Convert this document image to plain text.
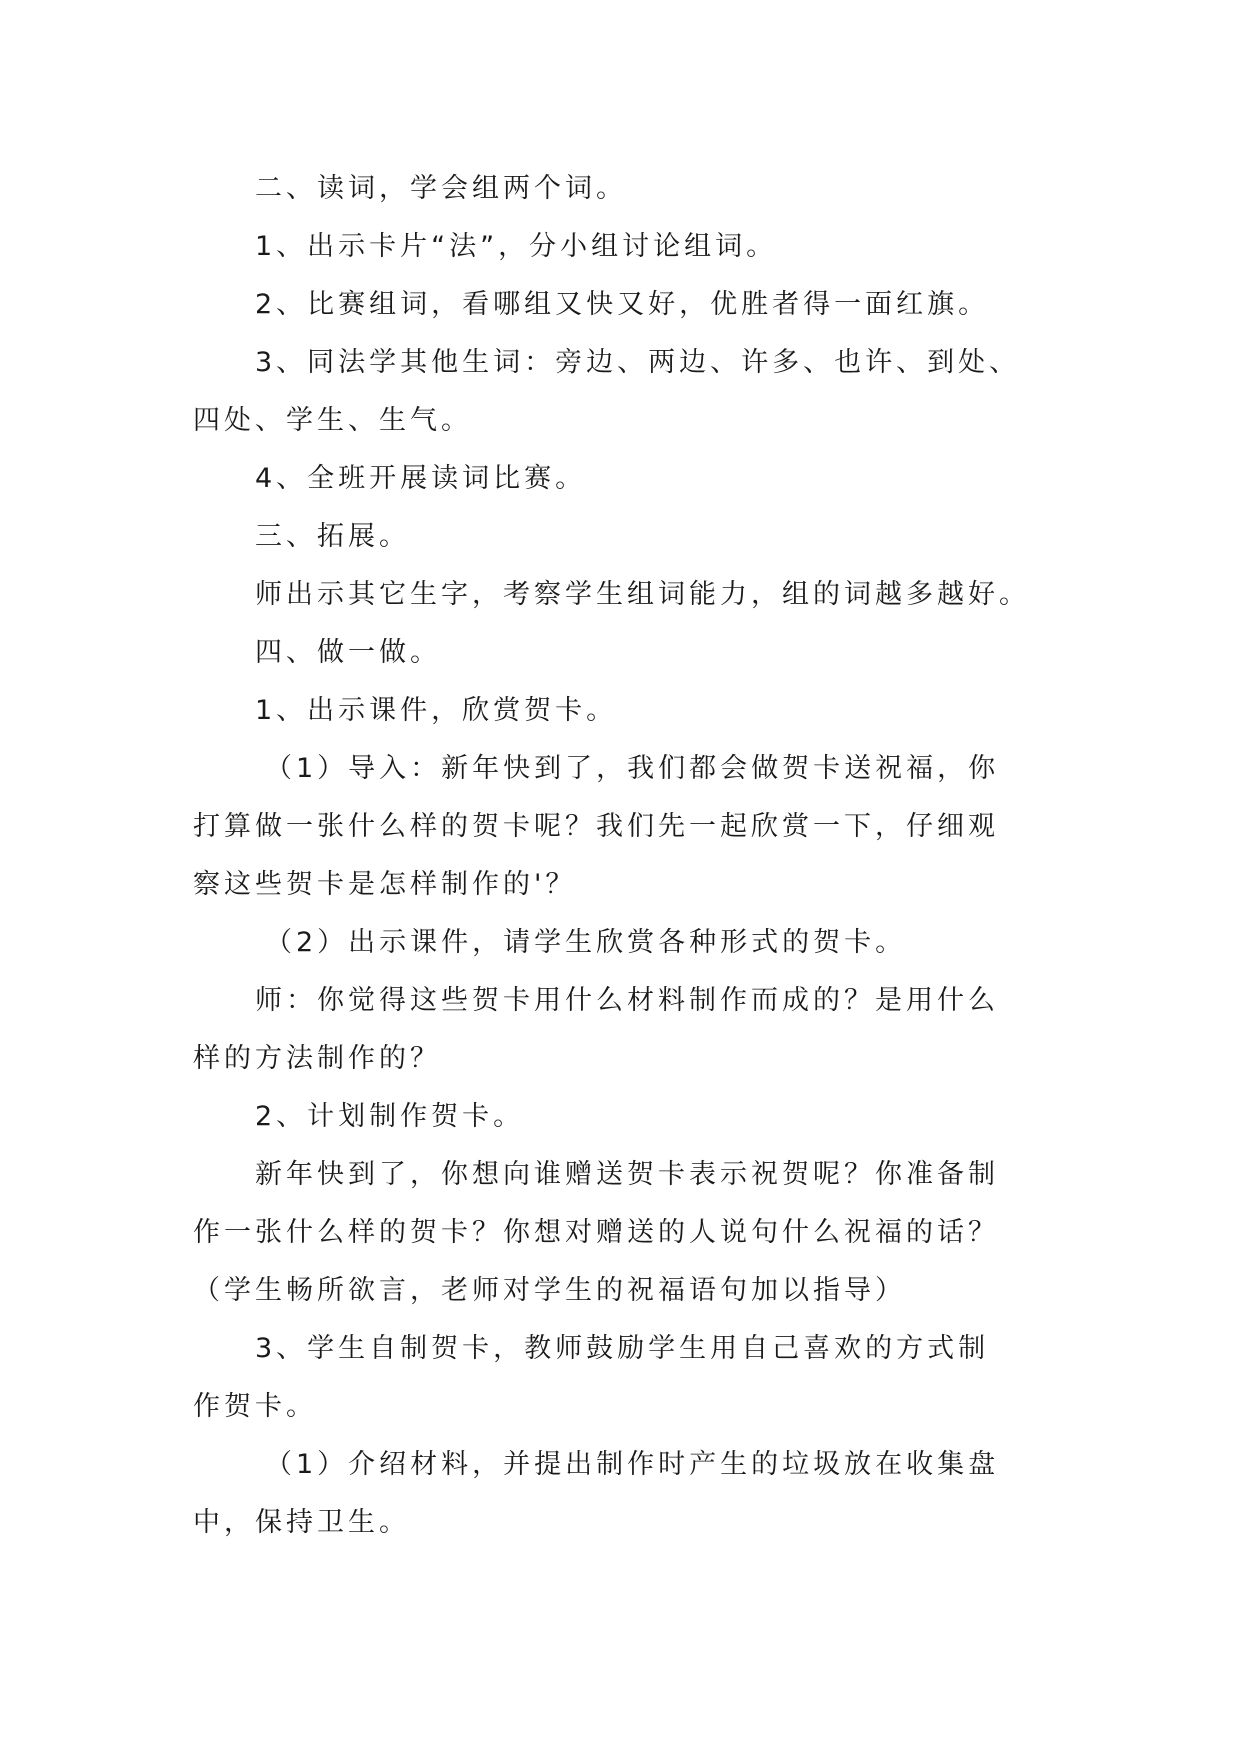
二、读词，学会组两个词。
1、出示卡片“法”，分小组讨论组词。
2、比赛组词，看哪组又快又好，优胜者得一面红旗。
3、同法学其他生词：旁边、两边、许多、也许、到处、
四处、学生、生气。
4、全班开展读词比赛。
三、拓展。
师出示其它生字，考察学生组词能力，组的词越多越好。
四、做一做。
1、出示课件，欣赏贺卡。
（1）导入：新年快到了，我们都会做贺卡送祝福，你
打算做一张什么样的贺卡呢？我们先一起欣赏一下，仔细观
察这些贺卡是怎样制作的'？
（2）出示课件，请学生欣赏各种形式的贺卡。
师：你觉得这些贺卡用什么材料制作而成的？是用什么
样的方法制作的？
2、计划制作贺卡。
新年快到了，你想向谁赠送贺卡表示祝贺呢？你准备制
作一张什么样的贺卡？你想对赠送的人说句什么祝福的话？
（学生畅所欲言，老师对学生的祝福语句加以指导）
3、学生自制贺卡，教师鼓励学生用自己喜欢的方式制
作贺卡。
（1）介绍材料，并提出制作时产生的垃圾放在收集盘
中，保持卫生。
